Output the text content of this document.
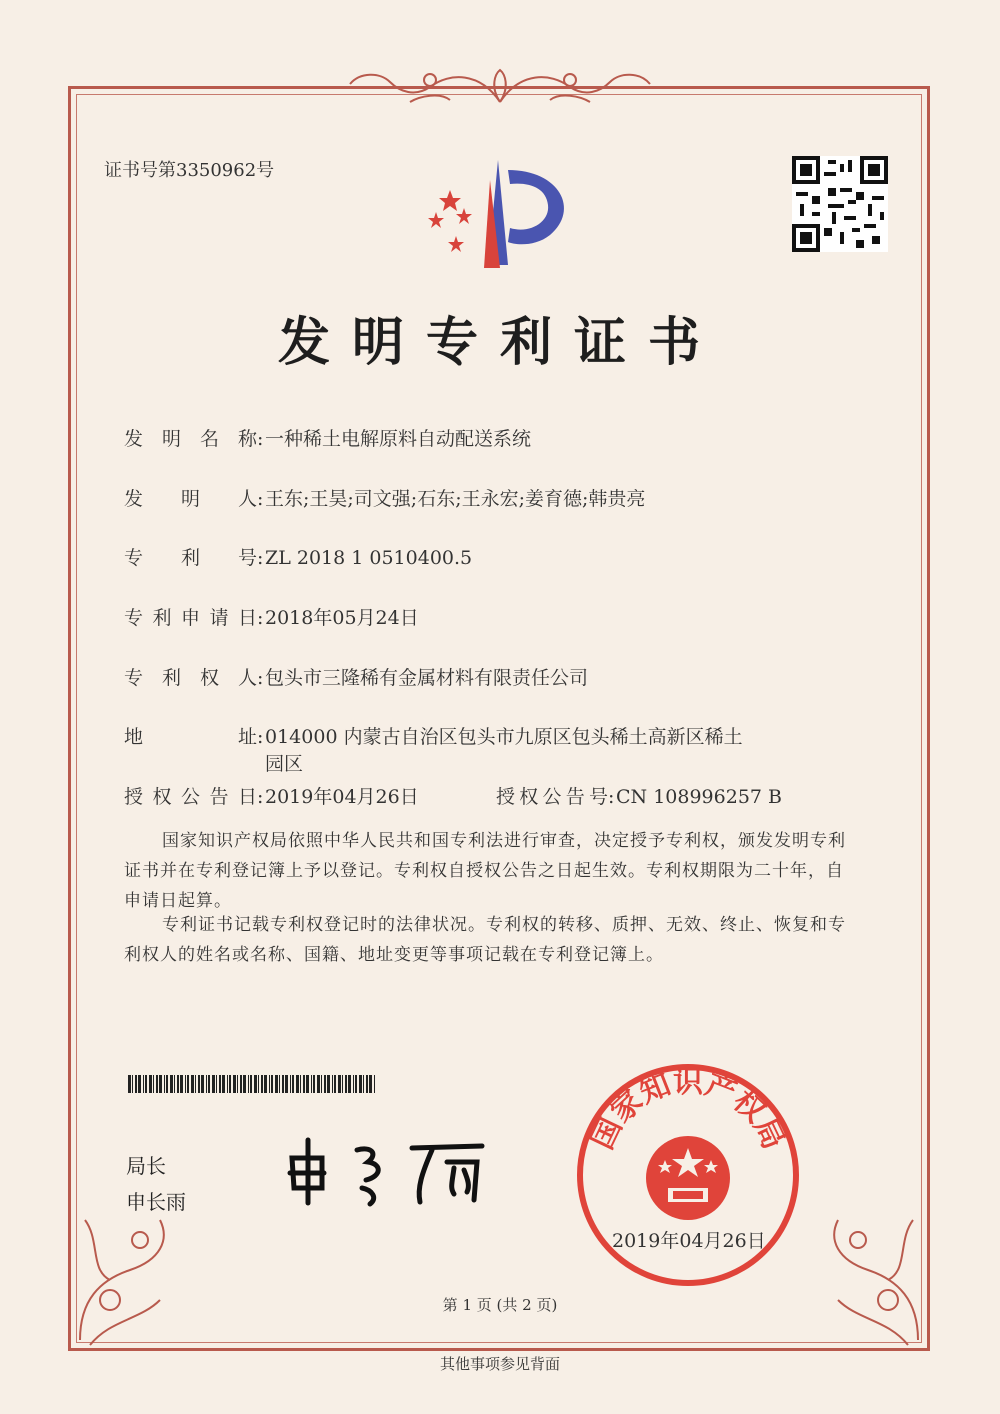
证书号第3350962号
发明专利证书
发明名称:一种稀土电解原料自动配送系统
发明人:王东;王昊;司文强;石东;王永宏;姜育德;韩贵亮
专利号:ZL 2018 1 0510400.5
专利申请日:2018年05月24日
专利权人:包头市三隆稀有金属材料有限责任公司
地址:014000 内蒙古自治区包头市九原区包头稀土高新区稀土
园区
授权公告日:2019年04月26日	授权公告号:CN 108996257 B
国家知识产权局依照中华人民共和国专利法进行审查，决定授予专利权，颁发发明专利
证书并在专利登记簿上予以登记。专利权自授权公告之日起生效。专利权期限为二十年，自
申请日起算。
专利证书记载专利权登记时的法律状况。专利权的转移、质押、无效、终止、恢复和专
利权人的姓名或名称、国籍、地址变更等事项记载在专利登记簿上。
局长
申长雨
国家知识产权局
2019年04月26日
第 1 页 (共 2 页)
其他事项参见背面
